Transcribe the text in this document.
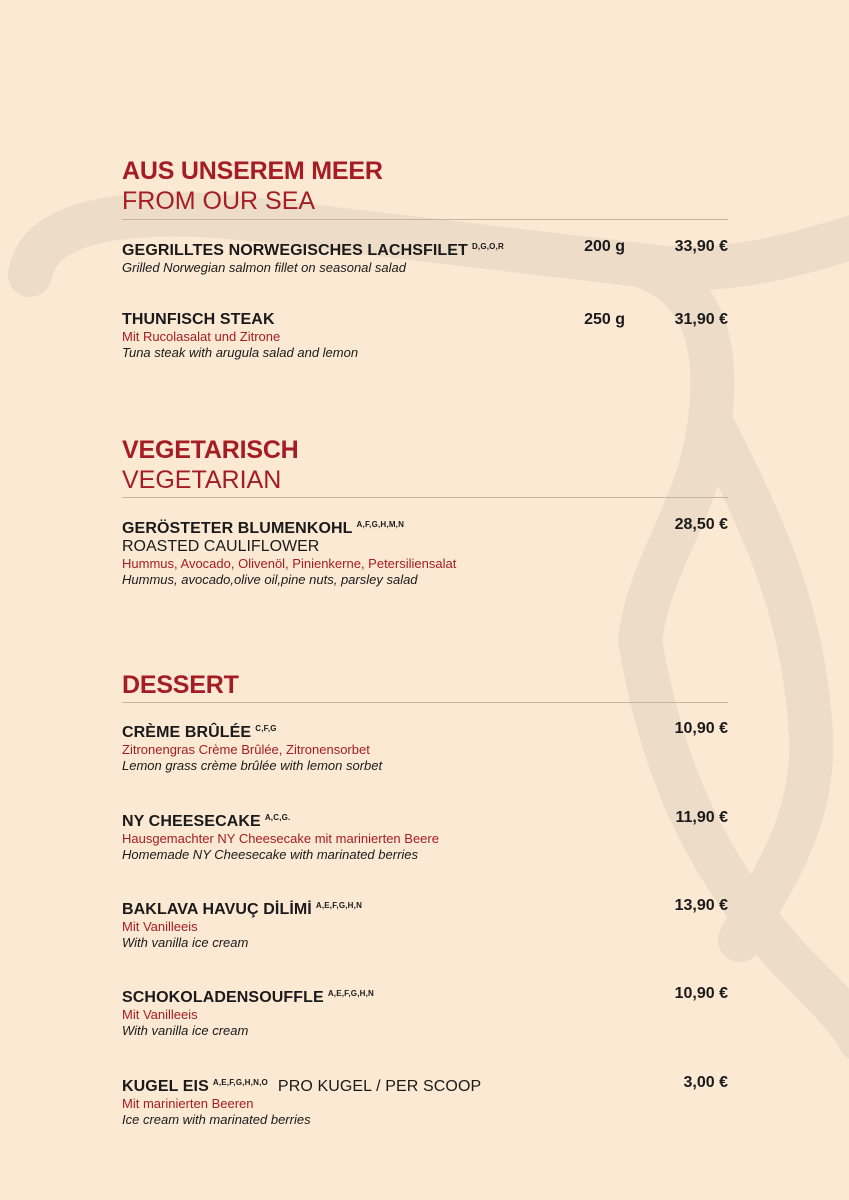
AUS UNSEREM MEER
FROM OUR SEA
GEGRILLTES NORWEGISCHES LACHSFILET $^{D,G,O,R}$
Grilled Norwegian salmon fillet on seasonal salad
200 g	33,90 €
THUNFISCH STEAK
Mit Rucolasalat und Zitrone
Tuna steak with arugula salad and lemon
250 g	31,90 €
VEGETARISCH
VEGETARIAN
GERÖSTETER BLUMENKOHL $^{A,F,G,H,M,N}$
ROASTED CAULIFLOWER
Hummus, Avocado, Olivenöl, Pinienkerne, Petersiliensalat
Hummus, avocado,olive oil,pine nuts, parsley salad
28,50 €
DESSERT
CRÈME BRÛLÉE $^{C,F,G}$
Zitronengras Crème Brûlée, Zitronensorbet
Lemon grass crème brûlée with lemon sorbet
10,90 €
NY CHEESECAKE $^{A,C,G.}$
Hausgemachter NY Cheesecake mit marinierten Beere
Homemade NY Cheesecake with marinated berries
11,90 €
BAKLAVA HAVUÇ DİLİMİ $^{A,E,F,G,H,N}$
Mit Vanilleeis
With vanilla ice cream
13,90 €
SCHOKOLADENSOUFFLE $^{A,E,F,G,H,N}$
Mit Vanilleeis
With vanilla ice cream
10,90 €
KUGEL EIS $^{A,E,F,G,H,N,O}$ PRO KUGEL / PER SCOOP
Mit marinierten Beeren
Ice cream with marinated berries
3,00 €
